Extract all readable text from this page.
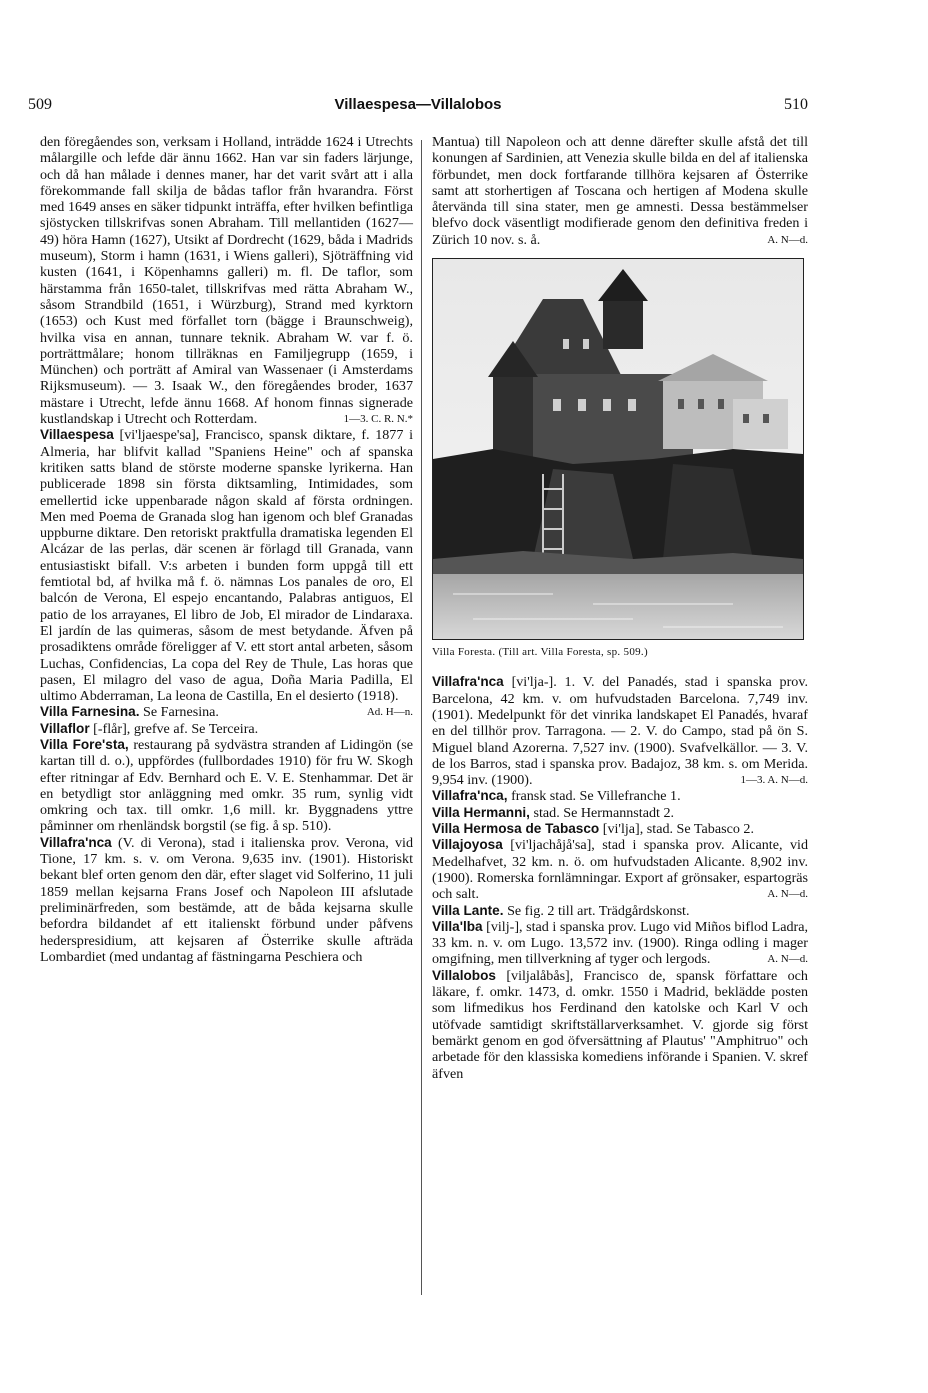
509	Villaespesa—Villalobos	510

den föregåendes son, verksam i Holland, inträdde 1624 i Utrechts målargille och lefde där ännu 1662. Han var sin faders lärjunge, och då han målade i dennes maner, har det varit svårt att i alla förekommande fall skilja de bådas taflor från hvarandra. Först med 1649 anses en säker tidpunkt inträffa, efter hvilken befintliga sjöstycken tillskrifvas sonen Abraham. Till mellantiden (1627—49) höra Hamn (1627), Utsikt af Dordrecht (1629, båda i Madrids museum), Storm i hamn (1631, i Wiens galleri), Sjöträffning vid kusten (1641, i Köpenhamns galleri) m. fl. De taflor, som härstamma från 1650-talet, tillskrifvas med rätta Abraham W., såsom Strandbild (1651, i Würzburg), Strand med kyrktorn (1653) och Kust med förfallet torn (bägge i Braunschweig), hvilka visa en annan, tunnare teknik. Abraham W. var f. ö. porträttmålare; honom tillräknas en Familjegrupp (1659, i München) och porträtt af Amiral van Wassenaer (i Amsterdams Rijksmuseum). — 3. Isaak W., den föregåendes broder, 1637 mästare i Utrecht, lefde ännu 1668. Af honom finnas signerade kustlandskap i Utrecht och Rotterdam.	1—3. C. R. N.*

Villaespesa [vi'ljaespe'sa], Francisco, spansk diktare, f. 1877 i Almeria, har blifvit kallad "Spaniens Heine" och af spanska kritiken satts bland de störste moderne spanske lyrikerna. Han publicerade 1898 sin första diktsamling, Intimidades, som emellertid icke uppenbarade någon skald af första ordningen. Men med Poema de Granada slog han igenom och blef Granadas uppburne diktare. Den retoriskt praktfulla dramatiska legenden El Alcázar de las perlas, där scenen är förlagd till Granada, vann entusiastiskt bifall. V:s arbeten i bunden form uppgå till ett femtiotal bd, af hvilka må f. ö. nämnas Los panales de oro, El balcón de Verona, El espejo encantando, Palabras antiguos, El patio de los arrayanes, El libro de Job, El mirador de Lindaraxa. El jardín de las quimeras, såsom de mest betydande. Äfven på prosadiktens område föreligger af V. ett stort antal arbeten, såsom Luchas, Confidencias, La copa del Rey de Thule, Las horas que pasen, El milagro del vaso de agua, Doña Maria Padilla, El ultimo Abderraman, La leona de Castilla, En el desierto (1918).
Ad. H—n.

Villa Farnesina. Se Farnesina.

Villaflor [-flår], grefve af. Se Terceira.

Villa Fore'sta, restaurang på sydvästra stranden af Lidingön (se kartan till d. o.), uppfördes (fullbordades 1910) för fru W. Skogh efter ritningar af Edv. Bernhard och E. V. E. Stenhammar. Det är en betydligt stor anläggning med omkr. 35 rum, synlig vidt omkring och tax. till omkr. 1,6 mill. kr. Byggnadens yttre påminner om rhenländsk borgstil (se fig. å sp. 510).

Villafra'nca (V. di Verona), stad i italienska prov. Verona, vid Tione, 17 km. s. v. om Verona. 9,635 inv. (1901). Historiskt bekant blef orten genom den där, efter slaget vid Solferino, 11 juli 1859 mellan kejsarna Frans Josef och Napoleon III afslutade preliminärfreden, som bestämde, att de båda kejsarna skulle befordra bildandet af ett italienskt förbund under påfvens hederspresidium, att kejsaren af Österrike skulle afträda Lombardiet (med undantag af fästningarna Peschiera och

Mantua) till Napoleon och att denne därefter skulle afstå det till konungen af Sardinien, att Venezia skulle bilda en del af italienska förbundet, men dock fortfarande tillhöra kejsaren af Österrike samt att storhertigen af Toscana och hertigen af Modena skulle återvända till sina stater, men ge amnesti. Dessa bestämmelser blefvo dock väsentligt modifierade genom den definitiva freden i Zürich 10 nov. s. å.	A. N—d.

Villa Foresta. (Till art. Villa Foresta, sp. 509.)

Villafra'nca [vi'lja-]. 1. V. del Panadés, stad i spanska prov. Barcelona, 42 km. v. om hufvudstaden Barcelona. 7,749 inv. (1901). Medelpunkt för det vinrika landskapet El Panadés, hvaraf en del tillhör prov. Tarragona. — 2. V. do Campo, stad på ön S. Miguel bland Azorerna. 7,527 inv. (1900). Svafvelkällor. — 3. V. de los Barros, stad i spanska prov. Badajoz, 38 km. s. om Merida. 9,954 inv. (1900).	1—3. A. N—d.

Villafra'nca, fransk stad. Se Villefranche 1.

Villa Hermanni, stad. Se Hermannstadt 2.

Villa Hermosa de Tabasco [vi'lja], stad. Se Tabasco 2.

Villajoyosa [vi'ljachåjå'sa], stad i spanska prov. Alicante, vid Medelhafvet, 32 km. n. ö. om hufvudstaden Alicante. 8,902 inv. (1900). Romerska fornlämningar. Export af grönsaker, espartogräs och salt.	A. N—d.

Villa Lante. Se fig. 2 till art. Trädgårdskonst.

Villa'lba [vilj-], stad i spanska prov. Lugo vid Miños biflod Ladra, 33 km. n. v. om Lugo. 13,572 inv. (1900). Ringa odling i mager omgifning, men tillverkning af tyger och lergods.	A. N—d.

Villalobos [viljalåbås], Francisco de, spansk författare och läkare, f. omkr. 1473, d. omkr. 1550 i Madrid, beklädde posten som lifmedikus hos Ferdinand den katolske och Karl V och utöfvade samtidigt skriftställarverksamhet. V. gjorde sig först bemärkt genom en god öfversättning af Plautus' "Amphitruo" och arbetade för den klassiska komediens införande i Spanien. V. skref äfven
